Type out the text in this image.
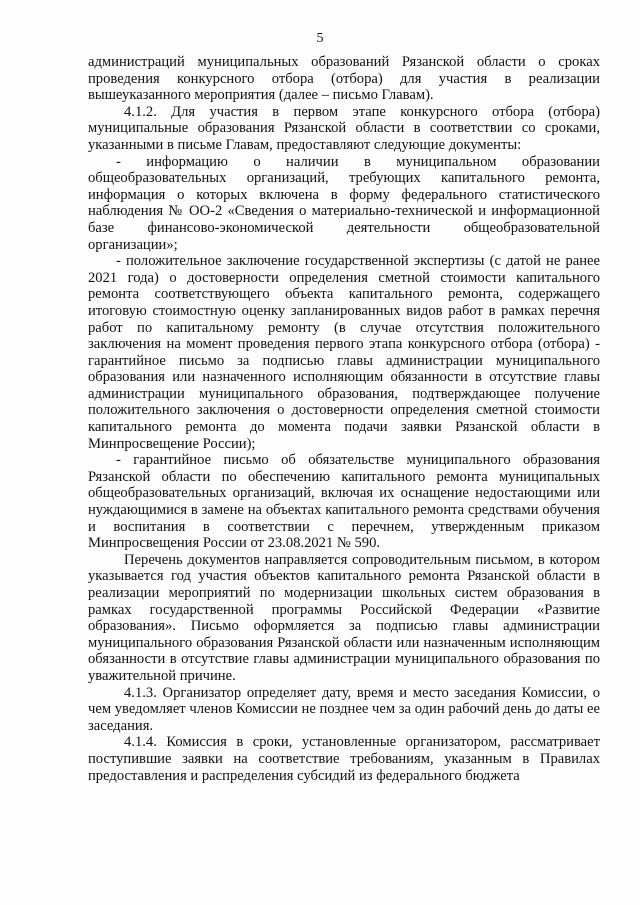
5

администраций муниципальных образований Рязанской области о сроках проведения конкурсного отбора (отбора) для участия в реализации вышеуказанного мероприятия (далее – письмо Главам).

4.1.2. Для участия в первом этапе конкурсного отбора (отбора) муниципальные образования Рязанской области в соответствии со сроками, указанными в письме Главам, предоставляют следующие документы:

- информацию о наличии в муниципальном образовании общеобразовательных организаций, требующих капитального ремонта, информация о которых включена в форму федерального статистического наблюдения № ОО-2 «Сведения о материально-технической и информационной базе финансово-экономической деятельности общеобразовательной организации»;

- положительное заключение государственной экспертизы (с датой не ранее 2021 года) о достоверности определения сметной стоимости капитального ремонта соответствующего объекта капитального ремонта, содержащего итоговую стоимостную оценку запланированных видов работ в рамках перечня работ по капитальному ремонту (в случае отсутствия положительного заключения на момент проведения первого этапа конкурсного отбора (отбора) - гарантийное письмо за подписью главы администрации муниципального образования или назначенного исполняющим обязанности в отсутствие главы администрации муниципального образования, подтверждающее получение положительного заключения о достоверности определения сметной стоимости капитального ремонта до момента подачи заявки Рязанской области в Минпросвещение России);

- гарантийное письмо об обязательстве муниципального образования Рязанской области по обеспечению капитального ремонта муниципальных общеобразовательных организаций, включая их оснащение недостающими или нуждающимися в замене на объектах капитального ремонта средствами обучения и воспитания в соответствии с перечнем, утвержденным приказом Минпросвещения России от 23.08.2021 № 590.

Перечень документов направляется сопроводительным письмом, в котором указывается год участия объектов капитального ремонта Рязанской области в реализации мероприятий по модернизации школьных систем образования в рамках государственной программы Российской Федерации «Развитие образования». Письмо оформляется за подписью главы администрации муниципального образования Рязанской области или назначенным исполняющим обязанности в отсутствие главы администрации муниципального образования по уважительной причине.

4.1.3. Организатор определяет дату, время и место заседания Комиссии, о чем уведомляет членов Комиссии не позднее чем за один рабочий день до даты ее заседания.

4.1.4. Комиссия в сроки, установленные организатором, рассматривает поступившие заявки на соответствие требованиям, указанным в Правилах предоставления и распределения субсидий из федерального бюджета
